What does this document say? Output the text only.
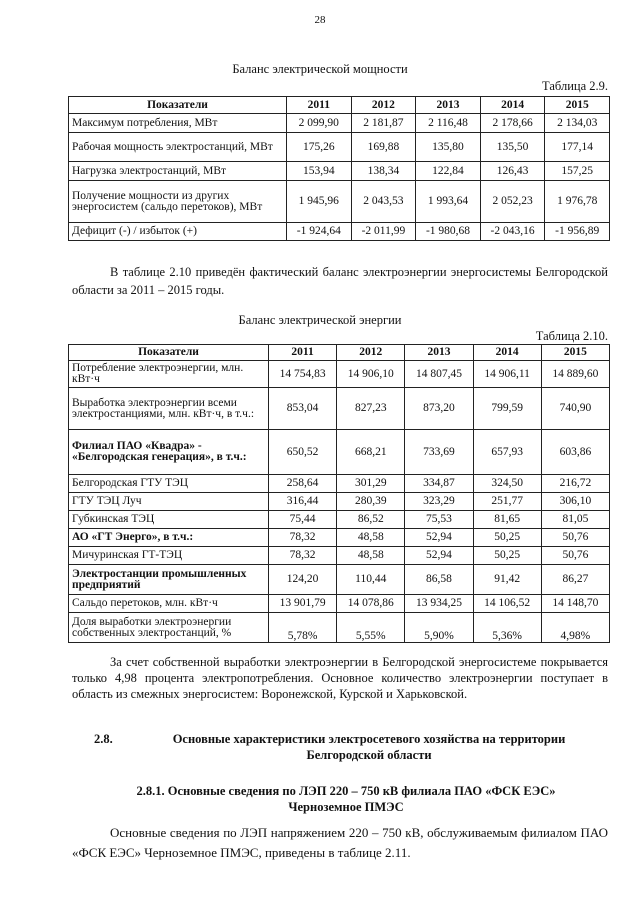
28
Баланс электрической мощности
Таблица 2.9.
Показатели	2011	2012	2013	2014	2015
Максимум потребления, МВт	2 099,90	2 181,87	2 116,48	2 178,66	2 134,03
Рабочая мощность электростанций, МВт	175,26	169,88	135,80	135,50	177,14
Нагрузка электростанций, МВт	153,94	138,34	122,84	126,43	157,25
Получение мощности из других энергосистем (сальдо перетоков), МВт	1 945,96	2 043,53	1 993,64	2 052,23	1 976,78
Дефицит (-) / избыток (+)	-1 924,64	-2 011,99	-1 980,68	-2 043,16	-1 956,89
В таблице 2.10 приведён фактический баланс электроэнергии энергосистемы Белгородской области за 2011 – 2015 годы.
Баланс электрической энергии
Таблица 2.10.
Показатели	2011	2012	2013	2014	2015
Потребление электроэнергии, млн. кВт·ч	14 754,83	14 906,10	14 807,45	14 906,11	14 889,60
Выработка электроэнергии всеми электростанциями, млн. кВт·ч, в т.ч.:	853,04	827,23	873,20	799,59	740,90
Филиал ПАО «Квадра» - «Белгородская генерация», в т.ч.:	650,52	668,21	733,69	657,93	603,86
Белгородская ГТУ ТЭЦ	258,64	301,29	334,87	324,50	216,72
ГТУ ТЭЦ Луч	316,44	280,39	323,29	251,77	306,10
Губкинская ТЭЦ	75,44	86,52	75,53	81,65	81,05
АО «ГТ Энерго», в т.ч.:	78,32	48,58	52,94	50,25	50,76
Мичуринская ГТ-ТЭЦ	78,32	48,58	52,94	50,25	50,76
Электростанции промышленных предприятий	124,20	110,44	86,58	91,42	86,27
Сальдо перетоков, млн. кВт·ч	13 901,79	14 078,86	13 934,25	14 106,52	14 148,70
Доля выработки электроэнергии собственных электростанций, %	5,78%	5,55%	5,90%	5,36%	4,98%
За счет собственной выработки электроэнергии в Белгородской энергосистеме покрывается только 4,98 процента электропотребления. Основное количество электроэнергии поступает в область из смежных энергосистем: Воронежской, Курской и Харьковской.
2.8.	Основные характеристики электросетевого хозяйства на территории
Белгородской области
2.8.1. Основные сведения по ЛЭП 220 – 750 кВ филиала ПАО «ФСК ЕЭС»
Черноземное ПМЭС
Основные сведения по ЛЭП напряжением 220 – 750 кВ, обслуживаемым филиалом ПАО «ФСК ЕЭС» Черноземное ПМЭС, приведены в таблице 2.11.
